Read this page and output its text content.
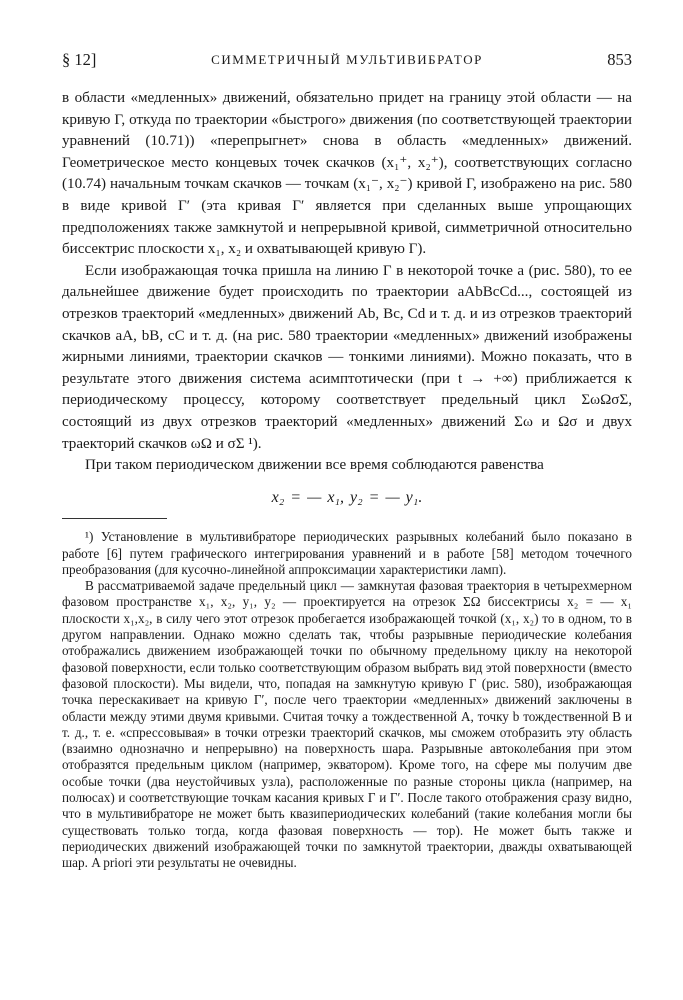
§ 12]	СИММЕТРИЧНЫЙ МУЛЬТИВИБРАТОР	853

в области «медленных» движений, обязательно придет на границу этой области — на кривую Г, откуда по траектории «быстрого» движения (по соответствующей траектории уравнений (10.71)) «перепрыгнет» снова в область «медленных» движений. Геометрическое место концевых точек скачков (x₁⁺, x₂⁺), соответствующих согласно (10.74) начальным точкам скачков — точкам (x₁⁻, x₂⁻) кривой Г, изображено на рис. 580 в виде кривой Г′ (эта кривая Г′ является при сделанных выше упрощающих предположениях также замкнутой и непрерывной кривой, симметричной относительно биссектрис плоскости x₁, x₂ и охватывающей кривую Г).

Если изображающая точка пришла на линию Г в некоторой точке a (рис. 580), то ее дальнейшее движение будет происходить по траектории aAbBcCd..., состоящей из отрезков траекторий «медленных» движений Ab, Bc, Cd и т. д. и из отрезков траекторий скачков aA, bB, cC и т. д. (на рис. 580 траектории «медленных» движений изображены жирными линиями, траектории скачков — тонкими линиями). Можно показать, что в результате этого движения система асимптотически (при t → +∞) приближается к периодическому процессу, которому соответствует предельный цикл ΣωΩσΣ, состоящий из двух отрезков траекторий «медленных» движений Σω и Ωσ и двух траекторий скачков ωΩ и σΣ ¹).

При таком периодическом движении все время соблюдаются равенства

x₂ = — x₁, y₂ = — y₁.

¹) Установление в мультивибраторе периодических разрывных колебаний было показано в работе [6] путем графического интегрирования уравнений и в работе [58] методом точечного преобразования (для кусочно-линейной аппроксимации характеристики ламп).

В рассматриваемой задаче предельный цикл — замкнутая фазовая траектория в четырехмерном фазовом пространстве x₁, x₂, y₁, y₂ — проектируется на отрезок ΣΩ биссектрисы x₂ = — x₁ плоскости x₁,x₂, в силу чего этот отрезок пробегается изображающей точкой (x₁, x₂) то в одном, то в другом направлении. Однако можно сделать так, чтобы разрывные периодические колебания отображались движением изображающей точки по обычному предельному циклу на некоторой фазовой поверхности, если только соответствующим образом выбрать вид этой поверхности (вместо фазовой плоскости). Мы видели, что, попадая на замкнутую кривую Г (рис. 580), изображающая точка перескакивает на кривую Г′, после чего траектории «медленных» движений заключены в области между этими двумя кривыми. Считая точку a тождественной A, точку b тождественной B и т. д., т. е. «спрессовывая» в точки отрезки траекторий скачков, мы сможем отобразить эту область (взаимно однозначно и непрерывно) на поверхность шара. Разрывные автоколебания при этом отобразятся предельным циклом (например, экватором). Кроме того, на сфере мы получим две особые точки (два неустойчивых узла), расположенные по разные стороны цикла (например, на полюсах) и соответствующие точкам касания кривых Г и Г′. После такого отображения сразу видно, что в мультивибраторе не может быть квазипериодических колебаний (такие колебания могли бы существовать только тогда, когда фазовая поверхность — тор). Не может быть также и периодических движений изображающей точки по замкнутой траектории, дважды охватывающей шар. A priori эти результаты не очевидны.
